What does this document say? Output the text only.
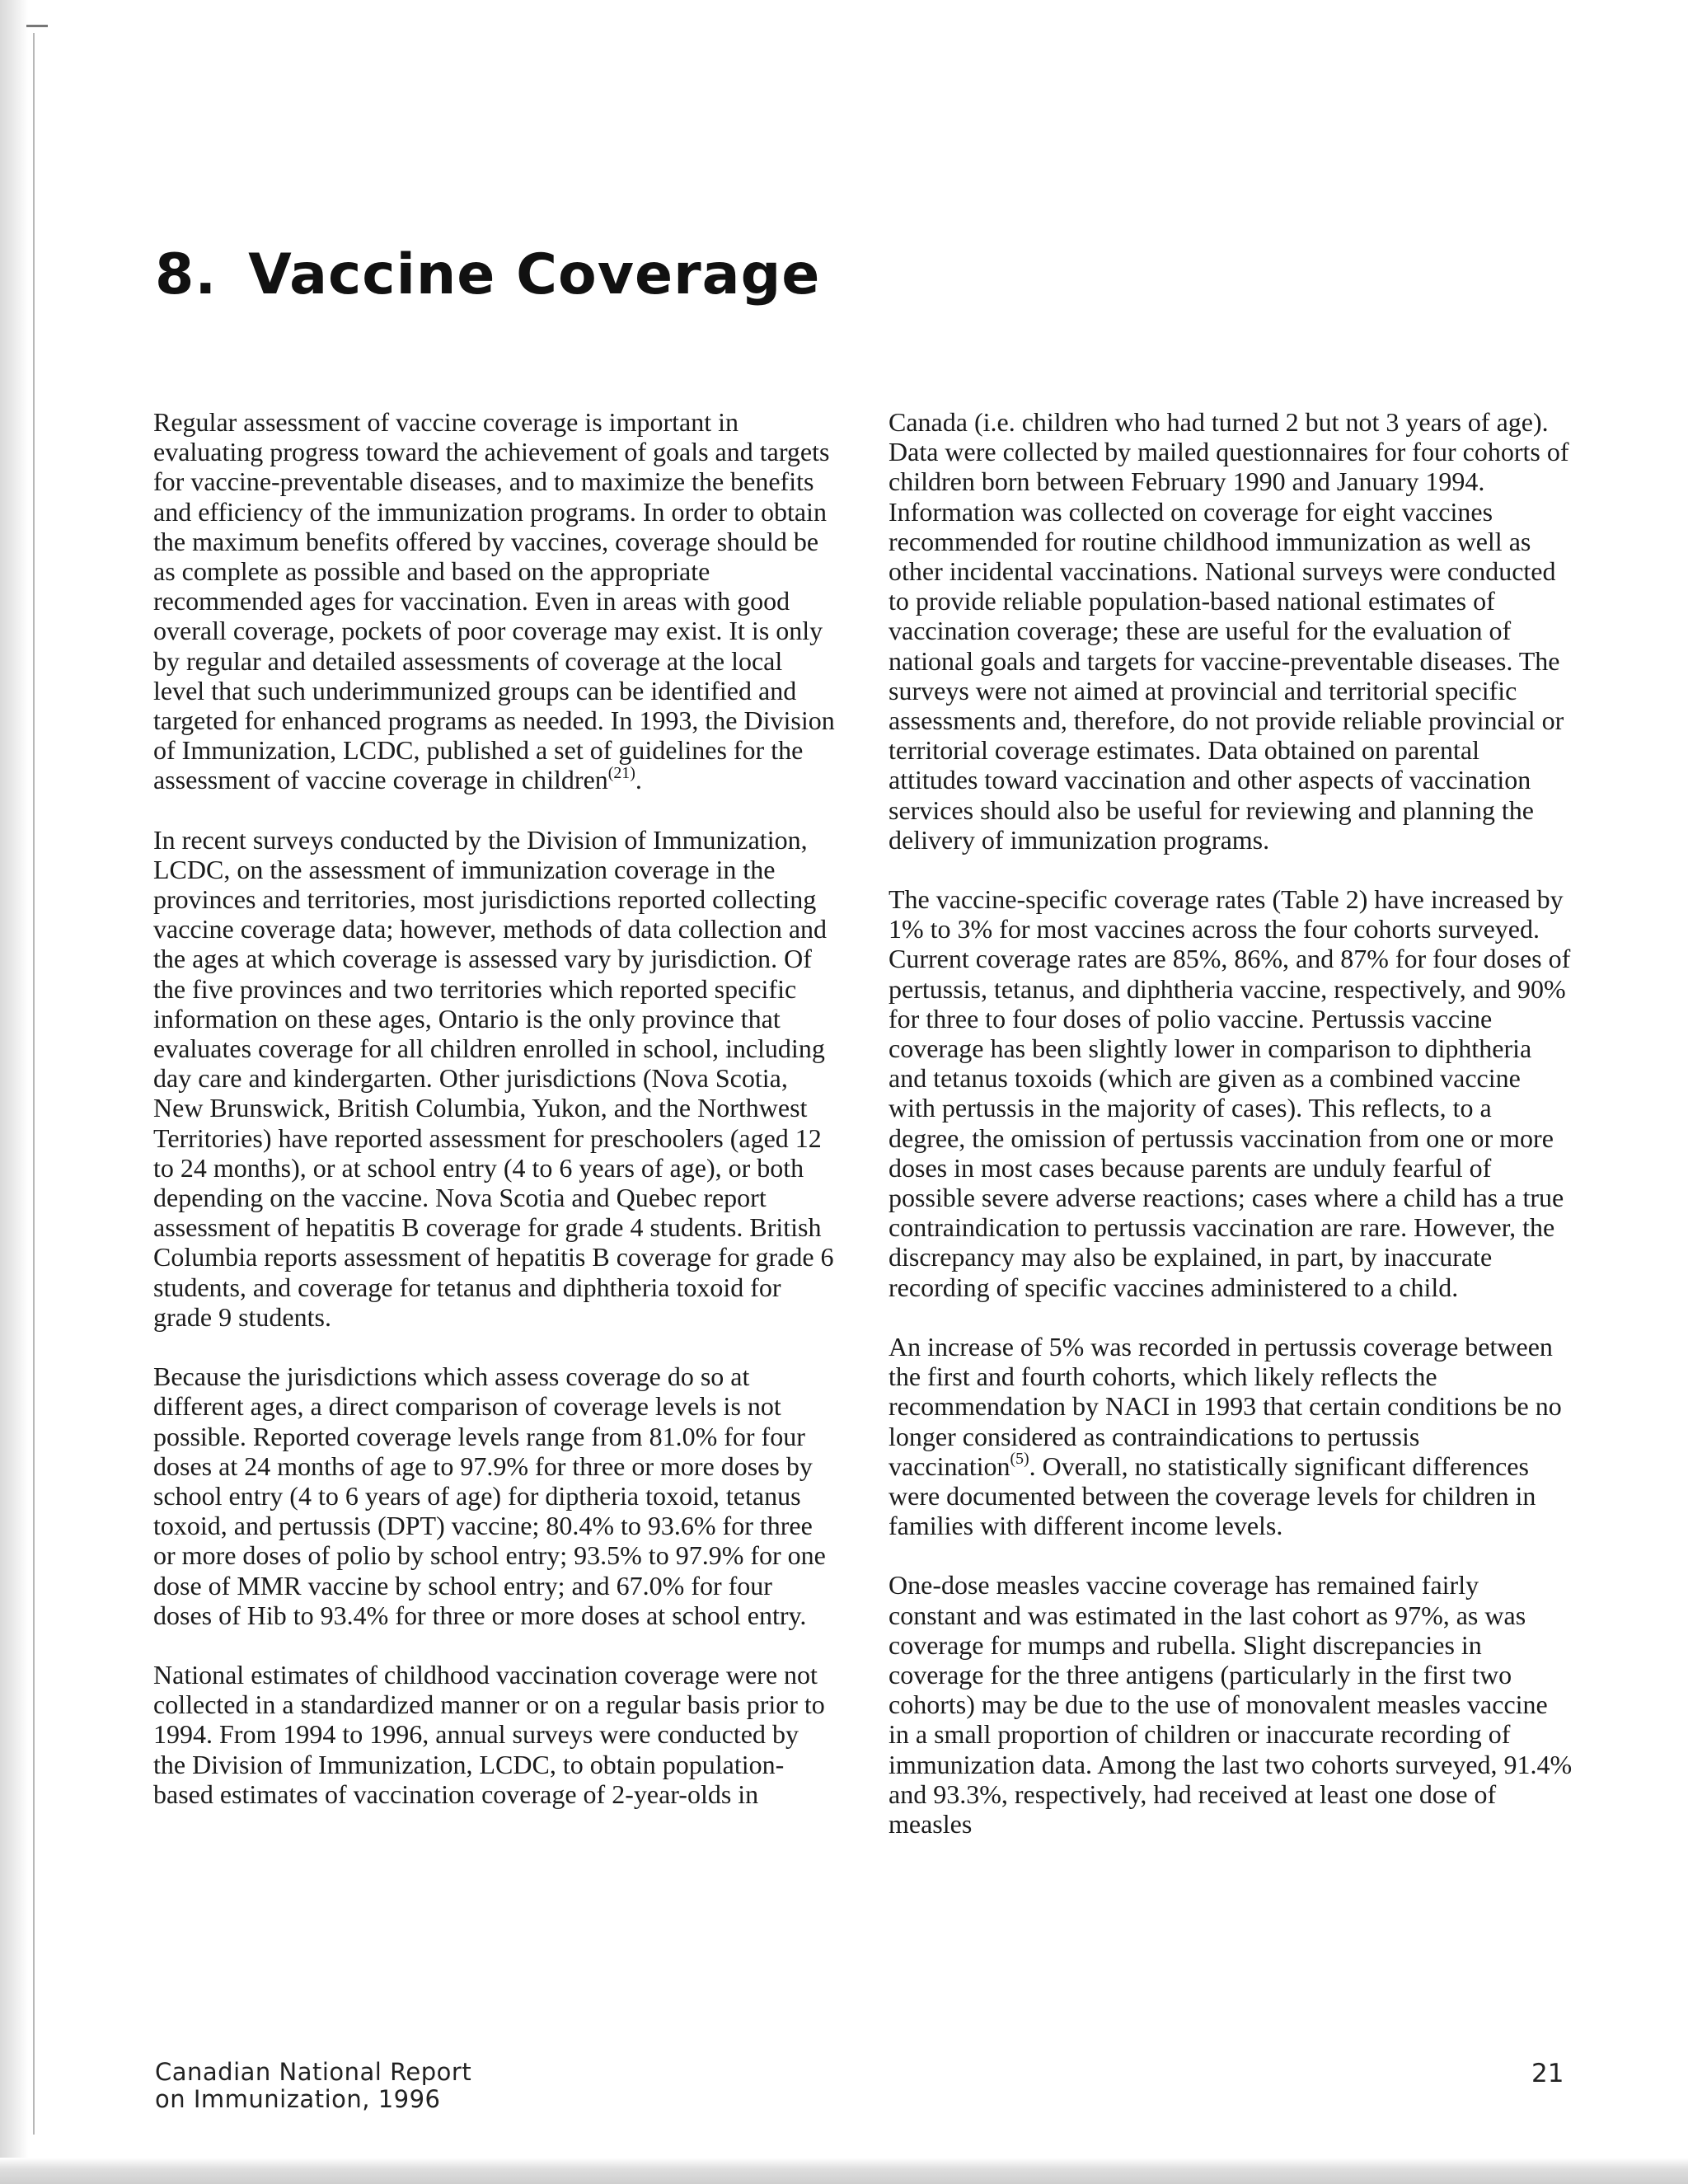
8. Vaccine Coverage

Regular assessment of vaccine coverage is important in evaluating progress toward the achievement of goals and targets for vaccine-preventable diseases, and to maximize the benefits and efficiency of the immunization programs. In order to obtain the maximum benefits offered by vaccines, coverage should be as complete as possible and based on the appropriate recommended ages for vaccination. Even in areas with good overall coverage, pockets of poor coverage may exist. It is only by regular and detailed assessments of coverage at the local level that such underimmunized groups can be identified and targeted for enhanced programs as needed. In 1993, the Division of Immunization, LCDC, published a set of guidelines for the assessment of vaccine coverage in children$^{(21)}$.

In recent surveys conducted by the Division of Immunization, LCDC, on the assessment of immunization coverage in the provinces and territories, most jurisdictions reported collecting vaccine coverage data; however, methods of data collection and the ages at which coverage is assessed vary by jurisdiction. Of the five provinces and two territories which reported specific information on these ages, Ontario is the only province that evaluates coverage for all children enrolled in school, including day care and kindergarten. Other jurisdictions (Nova Scotia, New Brunswick, British Columbia, Yukon, and the Northwest Territories) have reported assessment for preschoolers (aged 12 to 24 months), or at school entry (4 to 6 years of age), or both depending on the vaccine. Nova Scotia and Quebec report assessment of hepatitis B coverage for grade 4 students. British Columbia reports assessment of hepatitis B coverage for grade 6 students, and coverage for tetanus and diphtheria toxoid for grade 9 students.

Because the jurisdictions which assess coverage do so at different ages, a direct comparison of coverage levels is not possible. Reported coverage levels range from 81.0% for four doses at 24 months of age to 97.9% for three or more doses by school entry (4 to 6 years of age) for diptheria toxoid, tetanus toxoid, and pertussis (DPT) vaccine; 80.4% to 93.6% for three or more doses of polio by school entry; 93.5% to 97.9% for one dose of MMR vaccine by school entry; and 67.0% for four doses of Hib to 93.4% for three or more doses at school entry.

National estimates of childhood vaccination coverage were not collected in a standardized manner or on a regular basis prior to 1994. From 1994 to 1996, annual surveys were conducted by the Division of Immunization, LCDC, to obtain population-based estimates of vaccination coverage of 2-year-olds in

Canada (i.e. children who had turned 2 but not 3 years of age). Data were collected by mailed questionnaires for four cohorts of children born between February 1990 and January 1994. Information was collected on coverage for eight vaccines recommended for routine childhood immunization as well as other incidental vaccinations. National surveys were conducted to provide reliable population-based national estimates of vaccination coverage; these are useful for the evaluation of national goals and targets for vaccine-preventable diseases. The surveys were not aimed at provincial and territorial specific assessments and, therefore, do not provide reliable provincial or territorial coverage estimates. Data obtained on parental attitudes toward vaccination and other aspects of vaccination services should also be useful for reviewing and planning the delivery of immunization programs.

The vaccine-specific coverage rates (Table 2) have increased by 1% to 3% for most vaccines across the four cohorts surveyed. Current coverage rates are 85%, 86%, and 87% for four doses of pertussis, tetanus, and diphtheria vaccine, respectively, and 90% for three to four doses of polio vaccine. Pertussis vaccine coverage has been slightly lower in comparison to diphtheria and tetanus toxoids (which are given as a combined vaccine with pertussis in the majority of cases). This reflects, to a degree, the omission of pertussis vaccination from one or more doses in most cases because parents are unduly fearful of possible severe adverse reactions; cases where a child has a true contraindication to pertussis vaccination are rare. However, the discrepancy may also be explained, in part, by inaccurate recording of specific vaccines administered to a child.

An increase of 5% was recorded in pertussis coverage between the first and fourth cohorts, which likely reflects the recommendation by NACI in 1993 that certain conditions be no longer considered as contraindications to pertussis vaccination$^{(5)}$. Overall, no statistically significant differences were documented between the coverage levels for children in families with different income levels.

One-dose measles vaccine coverage has remained fairly constant and was estimated in the last cohort as 97%, as was coverage for mumps and rubella. Slight discrepancies in coverage for the three antigens (particularly in the first two cohorts) may be due to the use of monovalent measles vaccine in a small proportion of children or inaccurate recording of immunization data. Among the last two cohorts surveyed, 91.4% and 93.3%, respectively, had received at least one dose of measles

Canadian National Report
on Immunization, 1996
21
